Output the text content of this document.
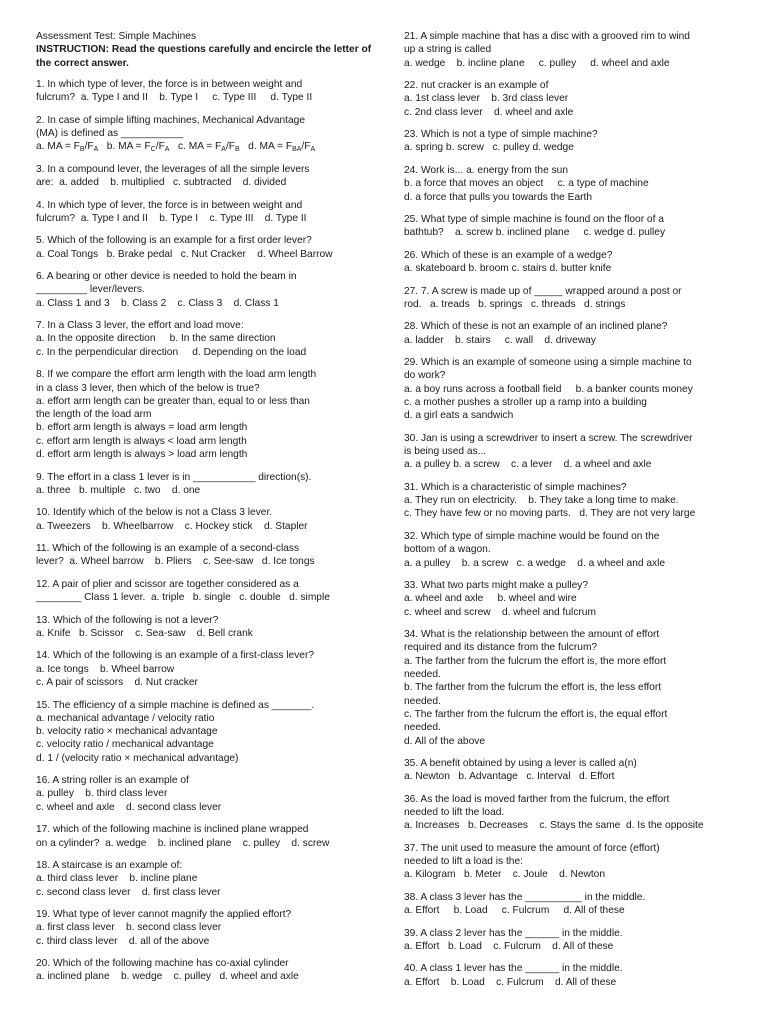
Assessment Test: Simple Machines
INSTRUCTION: Read the questions carefully and encircle the letter of the correct answer.
1. In which type of lever, the force is in between weight and
fulcrum?  a. Type I and II    b. Type I     c. Type III     d. Type II
2. In case of simple lifting machines, Mechanical Advantage
(MA) is defined as ___________
a. MA = $F_B/F_A$   b. MA = $F_C/F_A$   c. MA = $F_A/F_B$   d. MA = $F_{BA}/F_A$
3. In a compound lever, the leverages of all the simple levers
are:  a. added    b. multiplied   c. subtracted    d. divided
4. In which type of lever, the force is in between weight and
fulcrum?  a. Type I and II    b. Type I    c. Type III    d. Type II
5. Which of the following is an example for a first order lever?
a. Coal Tongs   b. Brake pedal   c. Nut Cracker    d. Wheel Barrow
6. A bearing or other device is needed to hold the beam in
_________ lever/levers.
a. Class 1 and 3    b. Class 2    c. Class 3    d. Class 1
7. In a Class 3 lever, the effort and load move:
a. In the opposite direction     b. In the same direction
c. In the perpendicular direction     d. Depending on the load
8. If we compare the effort arm length with the load arm length
in a class 3 lever, then which of the below is true?
a. effort arm length can be greater than, equal to or less than
the length of the load arm
b. effort arm length is always = load arm length
c. effort arm length is always < load arm length
d. effort arm length is always > load arm length
9. The effort in a class 1 lever is in ___________ direction(s).
a. three   b. multiple   c. two    d. one
10. Identify which of the below is not a Class 3 lever.
a. Tweezers    b. Wheelbarrow    c. Hockey stick    d. Stapler
11. Which of the following is an example of a second-class
lever?  a. Wheel barrow    b. Pliers    c. See-saw   d. Ice tongs
12. A pair of plier and scissor are together considered as a
________ Class 1 lever.  a. triple   b. single   c. double   d. simple
13. Which of the following is not a lever?
a. Knife   b. Scissor    c. Sea-saw    d. Bell crank
14. Which of the following is an example of a first-class lever?
a. Ice tongs    b. Wheel barrow
c. A pair of scissors    d. Nut cracker
15. The efficiency of a simple machine is defined as _______.
a. mechanical advantage / velocity ratio
b. velocity ratio × mechanical advantage
c. velocity ratio / mechanical advantage
d. 1 / (velocity ratio × mechanical advantage)
16. A string roller is an example of
a. pulley    b. third class lever
c. wheel and axle    d. second class lever
17. which of the following machine is inclined plane wrapped
on a cylinder?  a. wedge    b. inclined plane    c. pulley    d. screw
18. A staircase is an example of:
a. third class lever    b. incline plane
c. second class lever    d. first class lever
19. What type of lever cannot magnify the applied effort?
a. first class lever    b. second class lever
c. third class lever    d. all of the above
20. Which of the following machine has co-axial cylinder
a. inclined plane    b. wedge    c. pulley   d. wheel and axle
21. A simple machine that has a disc with a grooved rim to wind
up a string is called
a. wedge    b. incline plane     c. pulley     d. wheel and axle
22. nut cracker is an example of
a. 1st class lever    b. 3rd class lever
c. 2nd class lever    d. wheel and axle
23. Which is not a type of simple machine?
a. spring b. screw   c. pulley d. wedge
24. Work is... a. energy from the sun
b. a force that moves an object     c. a type of machine
d. a force that pulls you towards the Earth
25. What type of simple machine is found on the floor of a
bathtub?    a. screw b. inclined plane     c. wedge d. pulley
26. Which of these is an example of a wedge?
a. skateboard b. broom c. stairs d. butter knife
27. 7. A screw is made up of _____ wrapped around a post or
rod.   a. treads   b. springs   c. threads   d. strings
28. Which of these is not an example of an inclined plane?
a. ladder    b. stairs     c. wall    d. driveway
29. Which is an example of someone using a simple machine to
do work?
a. a boy runs across a football field     b. a banker counts money
c. a mother pushes a stroller up a ramp into a building
d. a girl eats a sandwich
30. Jan is using a screwdriver to insert a screw. The screwdriver
is being used as...
a. a pulley b. a screw    c. a lever    d. a wheel and axle
31. Which is a characteristic of simple machines?
a. They run on electricity.    b. They take a long time to make.
c. They have few or no moving parts.   d. They are not very large
32. Which type of simple machine would be found on the
bottom of a wagon.
a. a pulley    b. a screw   c. a wedge    d. a wheel and axle
33. What two parts might make a pulley?
a. wheel and axle     b. wheel and wire
c. wheel and screw    d. wheel and fulcrum
34. What is the relationship between the amount of effort
required and its distance from the fulcrum?
a. The farther from the fulcrum the effort is, the more effort
needed.
b. The farther from the fulcrum the effort is, the less effort
needed.
c. The farther from the fulcrum the effort is, the equal effort
needed.
d. All of the above
35. A benefit obtained by using a lever is called a(n)
a. Newton   b. Advantage   c. Interval   d. Effort
36. As the load is moved farther from the fulcrum, the effort
needed to lift the load.
a. Increases   b. Decreases    c. Stays the same  d. Is the opposite
37. The unit used to measure the amount of force (effort)
needed to lift a load is the:
a. Kilogram   b. Meter    c. Joule    d. Newton
38. A class 3 lever has the __________ in the middle.
a. Effort     b. Load     c. Fulcrum     d. All of these
39. A class 2 lever has the ______ in the middle.
a. Effort   b. Load    c. Fulcrum    d. All of these
40. A class 1 lever has the ______ in the middle.
a. Effort    b. Load    c. Fulcrum    d. All of these
